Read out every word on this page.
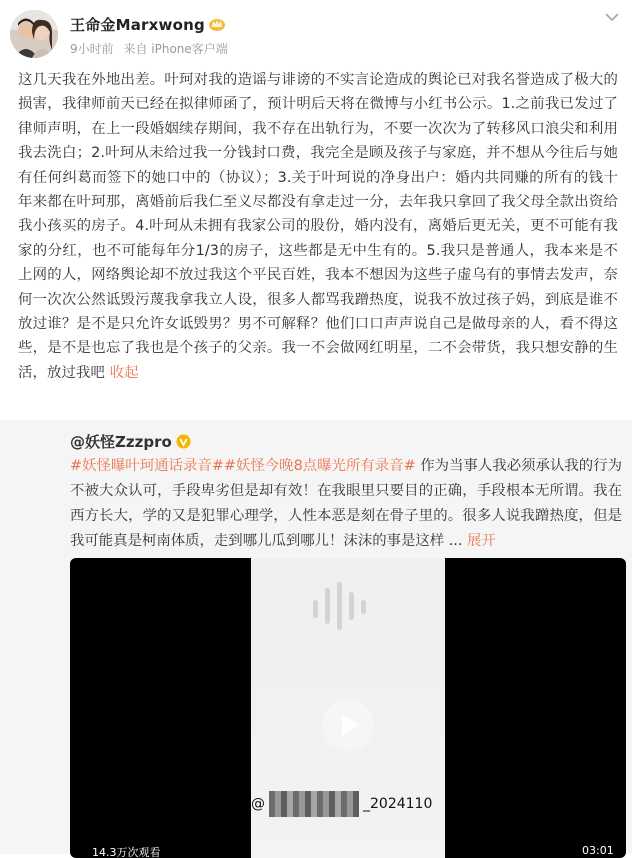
王命金Marxwong
9小时前 来自 iPhone客户端
这几天我在外地出差。叶珂对我的造谣与诽谤的不实言论造成的舆论已对我名誉造成了极大的损害，我律师前天已经在拟律师函了，预计明后天将在微博与小红书公示。1.之前我已发过了律师声明，在上一段婚姻续存期间，我不存在出轨行为，不要一次次为了转移风口浪尖和利用我去洗白；2.叶珂从未给过我一分钱封口费，我完全是顾及孩子与家庭，并不想从今往后与她有任何纠葛而签下的她口中的（协议）；3.关于叶珂说的净身出户：婚内共同赚的所有的钱十年来都在叶珂那，离婚前后我仁至义尽都没有拿走过一分，去年我只拿回了我父母全款出资给我小孩买的房子。4.叶珂从未拥有我家公司的股份，婚内没有，离婚后更无关，更不可能有我家的分红，也不可能每年分1/3的房子，这些都是无中生有的。5.我只是普通人，我本来是不上网的人，网络舆论却不放过我这个平民百姓，我本不想因为这些子虚乌有的事情去发声，奈何一次次公然诋毁污蔑我拿我立人设，很多人都骂我蹭热度，说我不放过孩子妈，到底是谁不放过谁？是不是只允许女诋毁男？男不可解释？他们口口声声说自己是做母亲的人，看不得这些，是不是也忘了我也是个孩子的父亲。我一不会做网红明星，二不会带货，我只想安静的生活，放过我吧 收起
@妖怪Zzzpro
#妖怪曝叶珂通话录音##妖怪今晚8点曝光所有录音# 作为当事人我必须承认我的行为不被大众认可，手段卑劣但是却有效！在我眼里只要目的正确，手段根本无所谓。我在西方长大，学的又是犯罪心理学，人性本恶是刻在骨子里的。很多人说我蹭热度，但是我可能真是柯南体质，走到哪儿瓜到哪儿！沫沫的事是这样 ... 展开
@	_2024110
14.3万次观看	03:01
